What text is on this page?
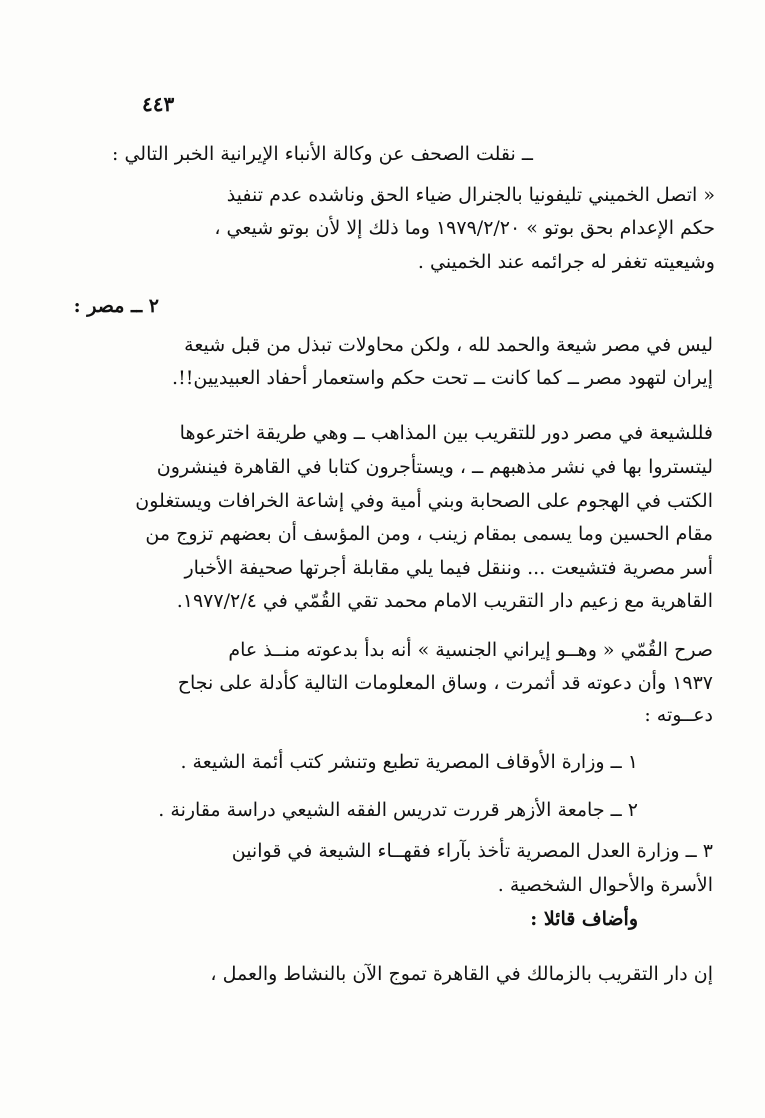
٤٤٣
ــ نقلت الصحف عن وكالة الأنباء الإيرانية الخبر التالي :
« اتصل الخميني تليفونيا بالجنرال ضياء الحق وناشده عدم تنفيذ
حكم الإعدام بحق بوتو » ١٩٧٩/٢/٢٠ وما ذلك إلا لأن بوتو شيعي ،
وشيعيته تغفر له جرائمه عند الخميني .
٢ ــ مصر :
ليس في مصر شيعة والحمد لله ، ولكن محاولات تبذل من قبل شيعة
إيران لتهود مصر ــ كما كانت ــ تحت حكم واستعمار أحفاد العبيديين!!.
فللشيعة في مصر دور للتقريب بين المذاهب ــ وهي طريقة اخترعوها
ليتستروا بها في نشر مذهبهم ــ ، ويستأجرون كتابا في القاهرة فينشرون
الكتب في الهجوم على الصحابة وبني أمية وفي إشاعة الخرافات ويستغلون
مقام الحسين وما يسمى بمقام زينب ، ومن المؤسف أن بعضهم تزوج من
أسر مصرية فتشيعت ... وننقل فيما يلي مقابلة أجرتها صحيفة الأخبار
القاهرية مع زعيم دار التقريب الامام محمد تقي القُمّي في ١٩٧٧/٢/٤.
صرح القُمّي « وهــو إيراني الجنسية » أنه بدأ بدعوته منــذ عام
١٩٣٧ وأن دعوته قد أثمرت ، وساق المعلومات التالية كأدلة على نجاح
دعــوته :
١ ــ وزارة الأوقاف المصرية تطبع وتنشر كتب أئمة الشيعة .
٢ ــ جامعة الأزهر قررت تدريس الفقه الشيعي دراسة مقارنة .
٣ ــ وزارة العدل المصرية تأخذ بآراء فقهــاء الشيعة في قوانين
الأسرة والأحوال الشخصية .
وأضاف قائلا :
إن دار التقريب بالزمالك في القاهرة تموج الآن بالنشاط والعمل ،
